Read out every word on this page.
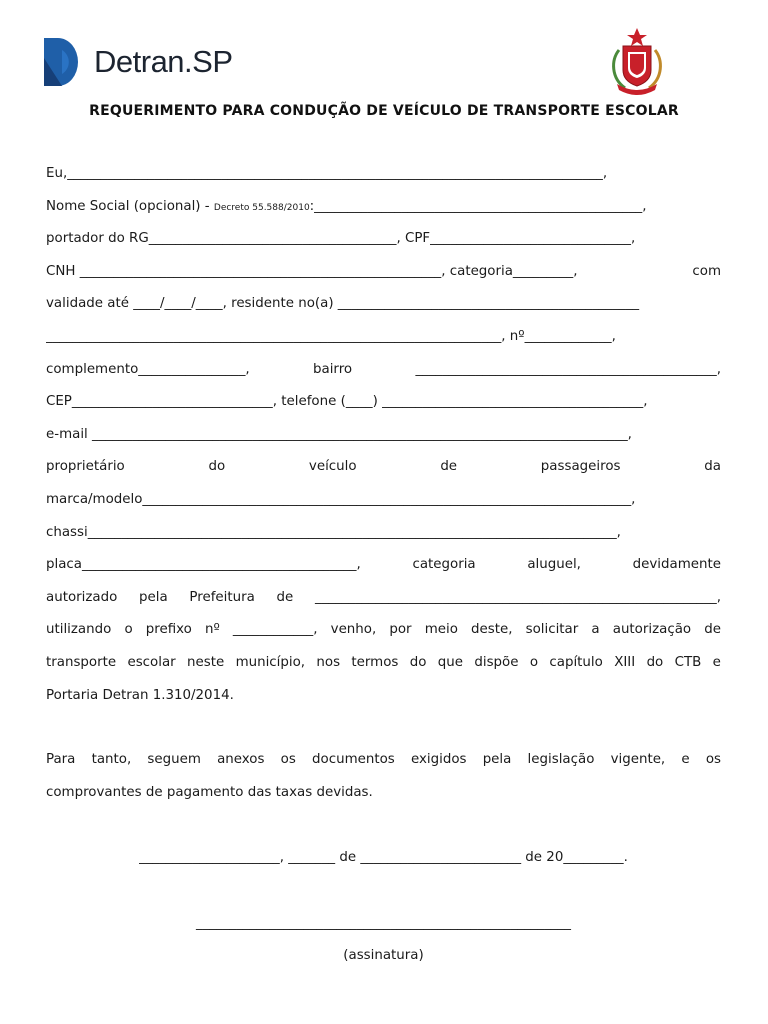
Detran.SP
REQUERIMENTO PARA CONDUÇÃO DE VEÍCULO DE TRANSPORTE ESCOLAR
Eu,________________________________________________________________________________,
Nome Social (opcional) - Decreto 55.588/2010:_________________________________________________,
portador do RG_____________________________________, CPF______________________________,
CNH ______________________________________________________, categoria_________,	com
validade até ____/____/____, residente no(a) _____________________________________________
____________________________________________________________________, nº_____________,
complemento________________,	bairro	_____________________________________________,
CEP______________________________, telefone (____) _______________________________________,
e-mail ________________________________________________________________________________,
proprietário	do	veículo	de	passageiros	da
marca/modelo_________________________________________________________________________,
chassi_______________________________________________________________________________,
placa_________________________________________,	categoria	aluguel,	devidamente
autorizado pela Prefeitura de ____________________________________________________________,
utilizando o prefixo nº ____________, venho, por meio deste, solicitar a autorização de
transporte escolar neste município, nos termos do que dispõe o capítulo XIII do CTB e
Portaria Detran 1.310/2014.
Para tanto, seguem anexos os documentos exigidos pela legislação vigente, e os
comprovantes de pagamento das taxas devidas.
_____________________, _______ de ________________________ de 20_________.
________________________________________________________
(assinatura)
